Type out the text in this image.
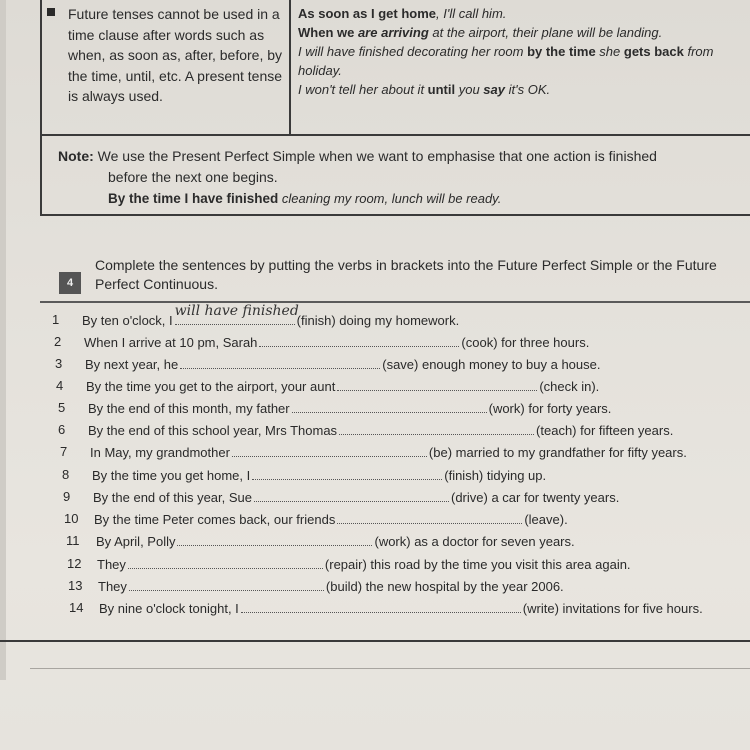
Future tenses cannot be used in a time clause after words such as when, as soon as, after, before, by the time, until, etc. A present tense is always used.
As soon as I get home, I'll call him.
When we are arriving at the airport, their plane will be landing.
I will have finished decorating her room by the time she gets back from
holiday.
I won't tell her about it until you say it's OK.
Note: We use the Present Perfect Simple when we want to emphasise that one action is finished
before the next one begins.
By the time I have finished cleaning my room, lunch will be ready.
4
Complete the sentences by putting the verbs in brackets into the Future Perfect Simple or the Future Perfect Continuous.
1	By ten o'clock, I
will have finished
(finish) doing my homework.
2	When I arrive at 10 pm, Sarah	(cook) for three hours.
3	By next year, he	(save) enough money to buy a house.
4	By the time you get to the airport, your aunt	(check in).
5	By the end of this month, my father	(work) for forty years.
6	By the end of this school year, Mrs Thomas	(teach) for fifteen years.
7	In May, my grandmother	(be) married to my grandfather for fifty years.
8	By the time you get home, I	(finish) tidying up.
9	By the end of this year, Sue	(drive) a car for twenty years.
10	By the time Peter comes back, our friends	(leave).
11	By April, Polly	(work) as a doctor for seven years.
12	They	(repair) this road by the time you visit this area again.
13	They	(build) the new hospital by the year 2006.
14	By nine o'clock tonight, I	(write) invitations for five hours.
